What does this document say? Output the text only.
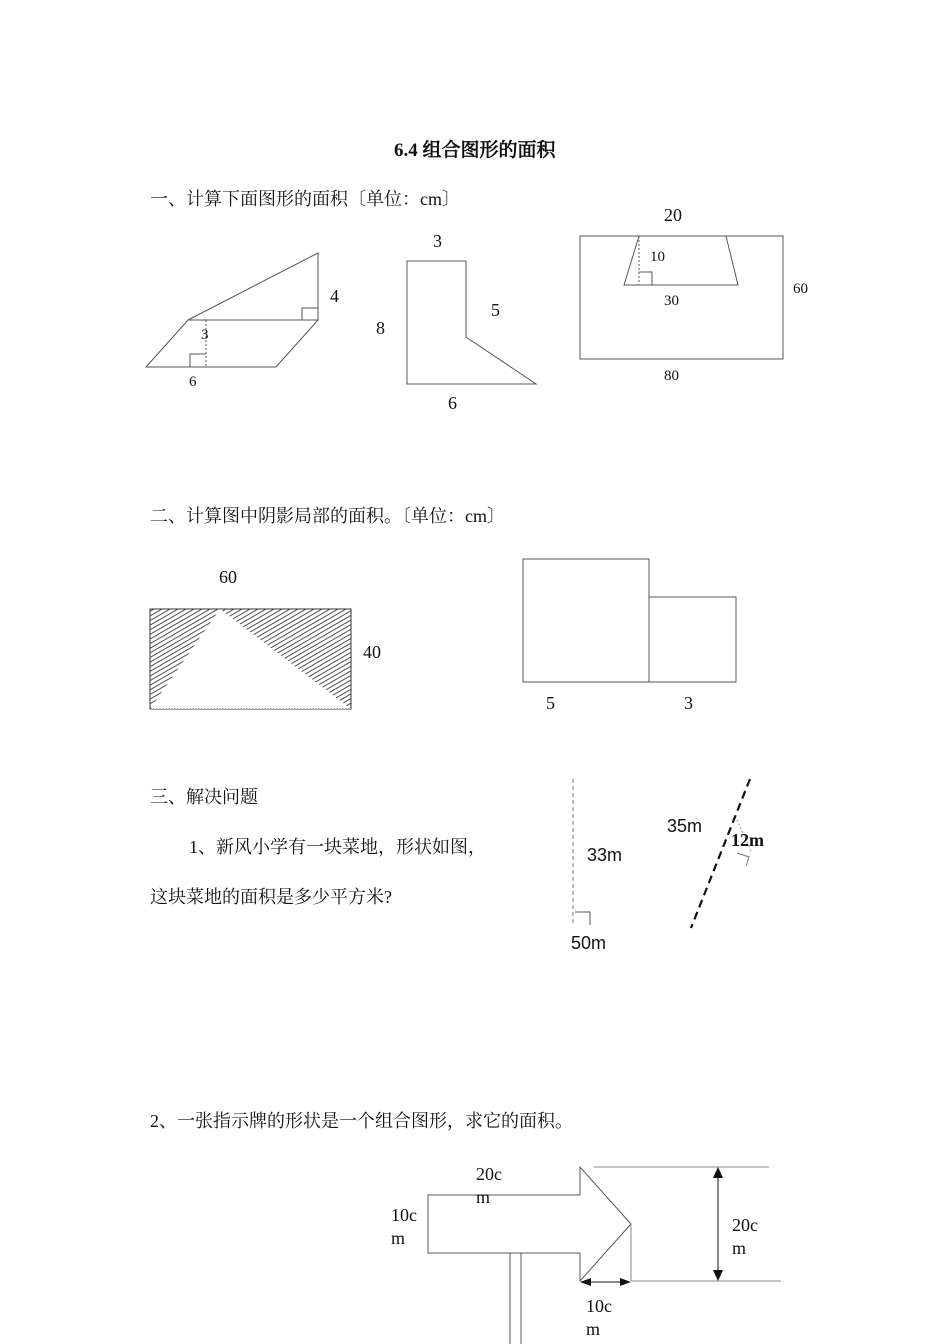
6.4 组合图形的面积
一、计算下面图形的面积〔单位：cm〕
4
3
6
3
8
5
6
20
10
30
60
80
二、计算图中阴影局部的面积。〔单位：cm〕
60
40
5	3
三、解决问题
1、新风小学有一块菜地，形状如图，
这块菜地的面积是多少平方米?
35m
12m
33m
50m
2、一张指示牌的形状是一个组合图形，求它的面积。
20c
m
10c
m
20c
m
10c
m
